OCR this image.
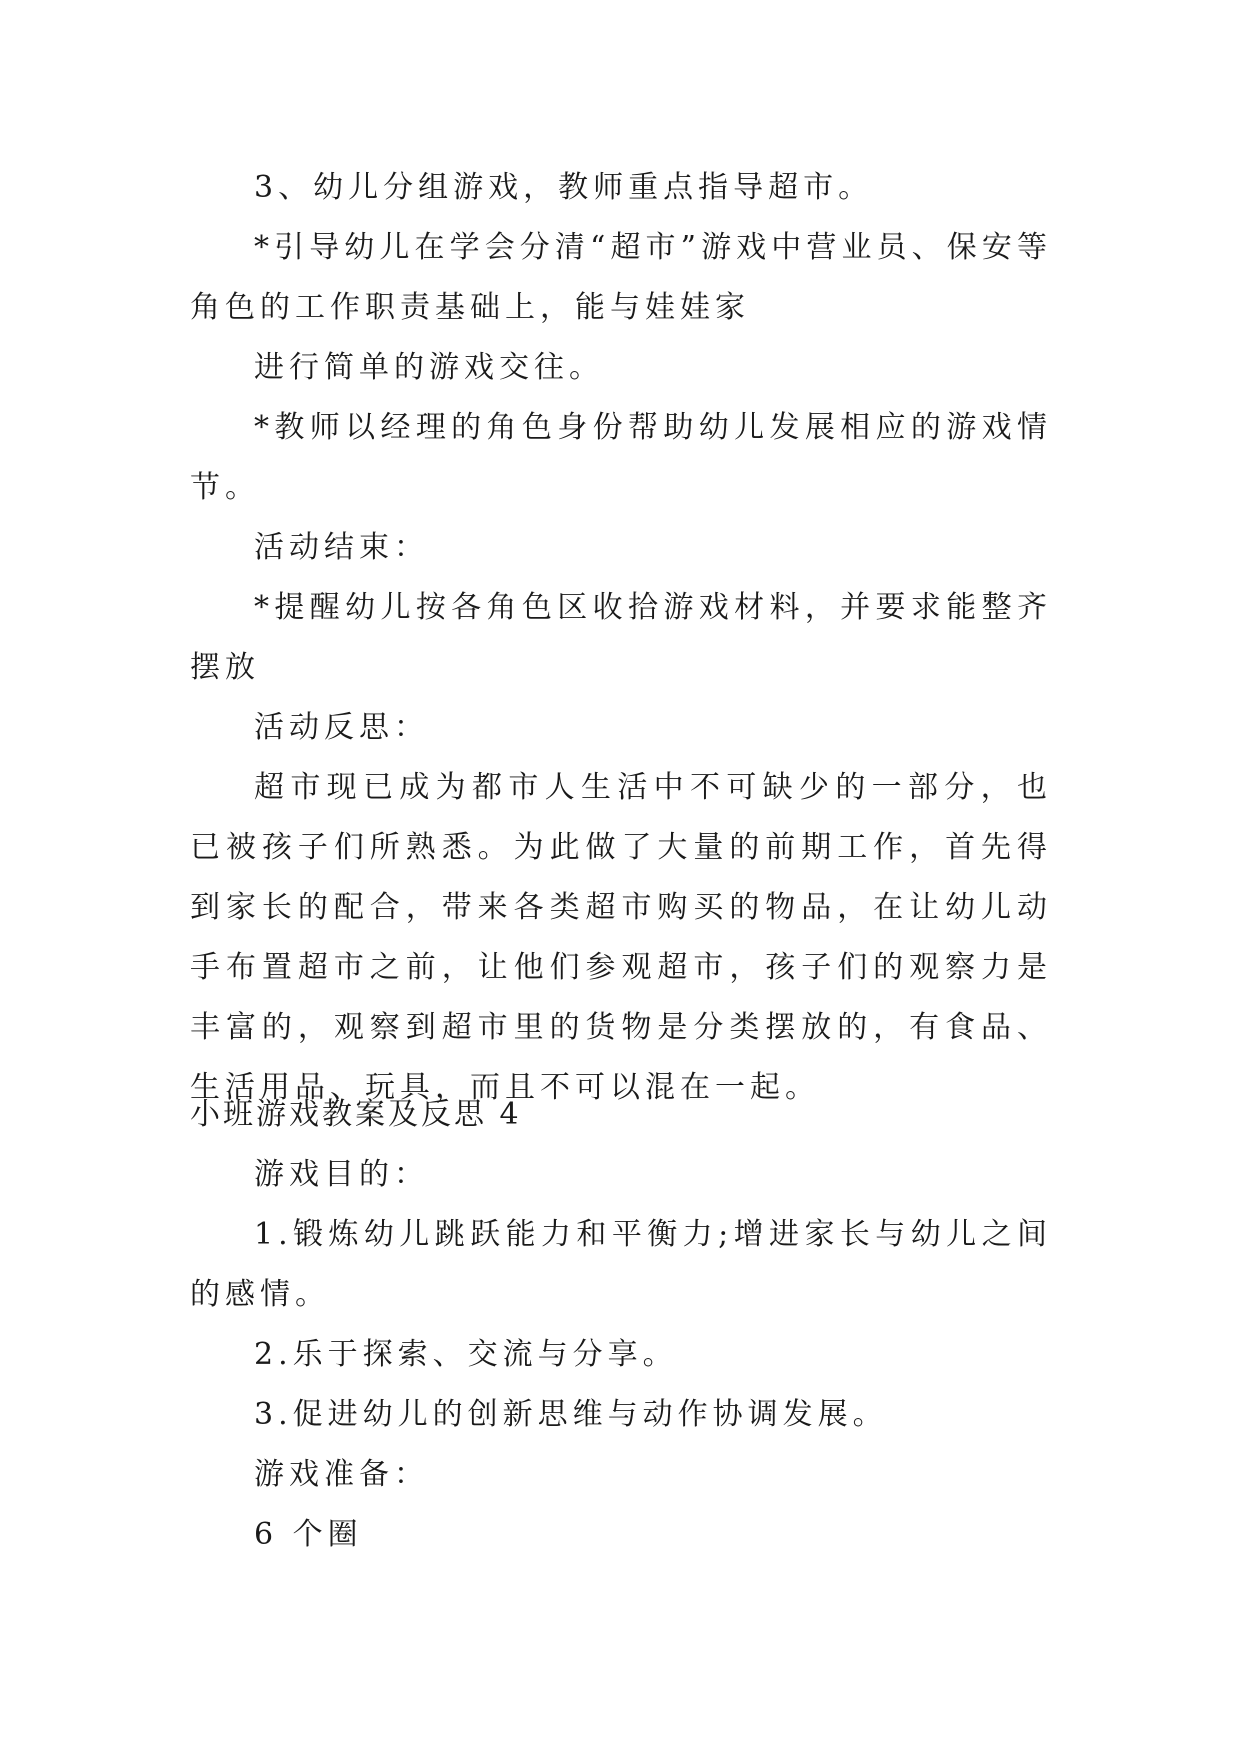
3、幼儿分组游戏，教师重点指导超市。

*引导幼儿在学会分清“超市”游戏中营业员、保安等角色的工作职责基础上，能与娃娃家

进行简单的游戏交往。

*教师以经理的角色身份帮助幼儿发展相应的游戏情节。

活动结束：

*提醒幼儿按各角色区收拾游戏材料，并要求能整齐摆放

活动反思：

超市现已成为都市人生活中不可缺少的一部分，也已被孩子们所熟悉。为此做了大量的前期工作，首先得到家长的配合，带来各类超市购买的物品，在让幼儿动手布置超市之前，让他们参观超市，孩子们的观察力是丰富的，观察到超市里的货物是分类摆放的，有食品、生活用品、玩具，而且不可以混在一起。

小班游戏教案及反思 4

游戏目的：

1.锻炼幼儿跳跃能力和平衡力;增进家长与幼儿之间的感情。

2.乐于探索、交流与分享。

3.促进幼儿的创新思维与动作协调发展。

游戏准备：

6 个圈
